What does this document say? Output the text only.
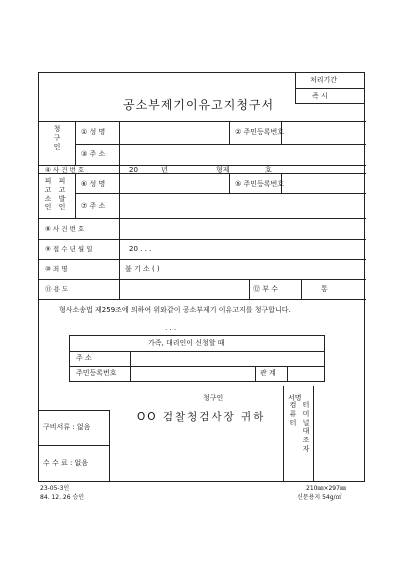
처리기간
즉 시
공소부제기이유고지청구서
청
구
인
① 성 명	② 주민등록번호
③ 주 소
④ 사 건 번 호	20	년	형제	호
피
고
소
인
피
고
발
인
⑥ 성 명	⑤ 주민등록번호
⑦ 주 소
⑧ 사 건 번 호
⑨ 접 수 년 월 일	20 . . .
⑩ 죄 명	불 기 소 ( )
⑪ 용 도	⑫ 부 수	통
형사소송법 제259조에 의하여 위와같이 공소부제기 이유고지를 청구합니다.
. . .
가족, 대리인이 신청할 때
주 소
주민등록번호	관 계
청구인	서명
OO 검찰청검사장 귀하
구비서류 : 없음
수 수 료 : 없음
컴
퓨
터
터
미
널
대
조
자
23-05-3인
84. 12. 26 승인
210㎜×297㎜
신문용지 54g/㎡
